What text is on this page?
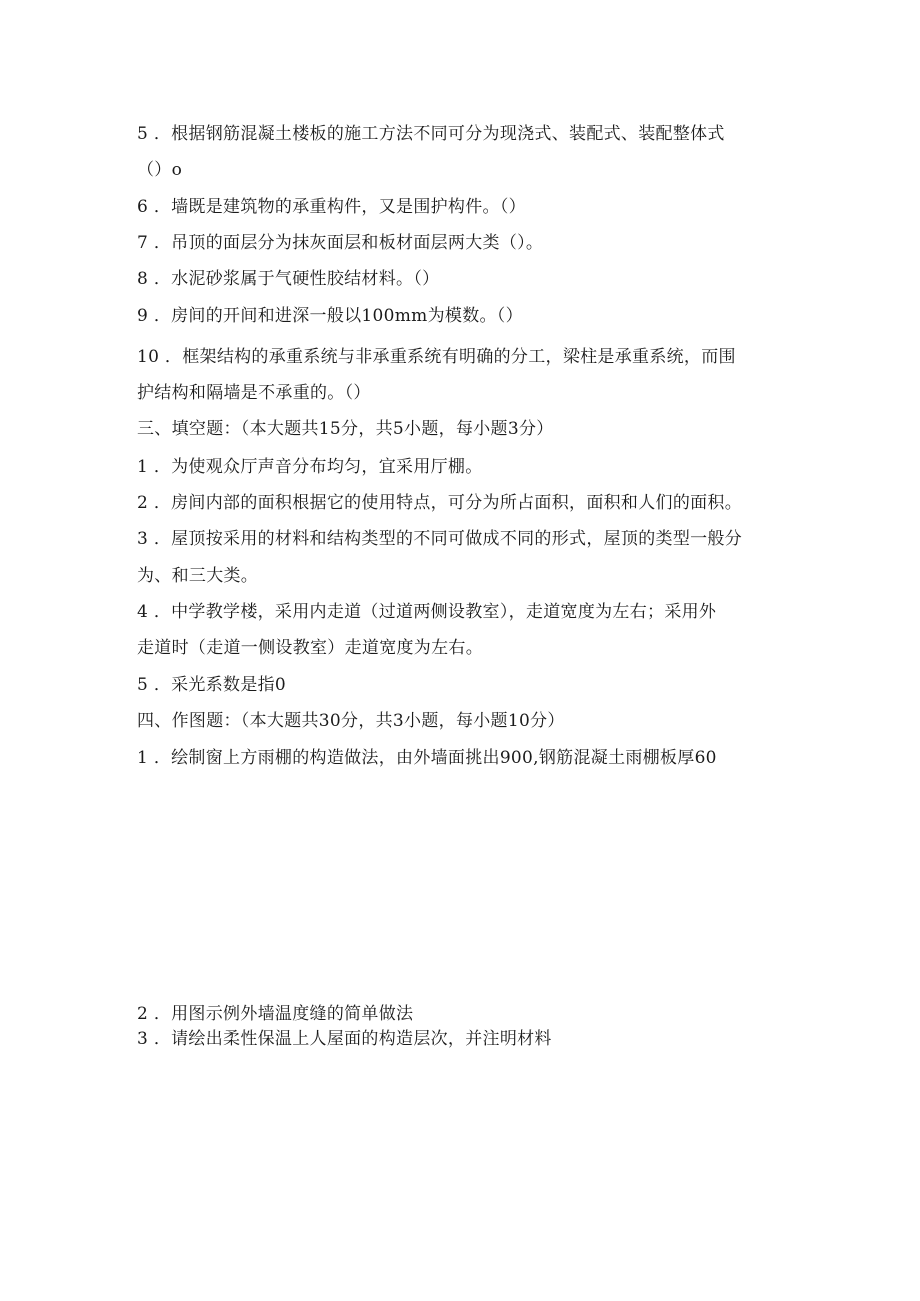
5 ．根据钢筋混凝土楼板的施工方法不同可分为现浇式、装配式、装配整体式
（）o
6 ．墙既是建筑物的承重构件，又是围护构件。（）
7 ．吊顶的面层分为抹灰面层和板材面层两大类（）。
8 ．水泥砂浆属于气硬性胶结材料。（）
9 ．房间的开间和进深一般以100mm为模数。（）
10 ．框架结构的承重系统与非承重系统有明确的分工，梁柱是承重系统，而围
护结构和隔墙是不承重的。（）
三、填空题：（本大题共15分，共5小题，每小题3分）
1 ．为使观众厅声音分布均匀，宜采用厅棚。
2 ．房间内部的面积根据它的使用特点，可分为所占面积，面积和人们的面积。
3 ．屋顶按采用的材料和结构类型的不同可做成不同的形式，屋顶的类型一般分
为、和三大类。
4 ．中学教学楼，采用内走道（过道两侧设教室），走道宽度为左右；采用外
走道时（走道一侧设教室）走道宽度为左右。
5 ．采光系数是指0
四、作图题：（本大题共30分，共3小题，每小题10分）
1 ．绘制窗上方雨棚的构造做法，由外墙面挑出900,钢筋混凝土雨棚板厚60
2 ．用图示例外墙温度缝的简单做法
3 ．请绘出柔性保温上人屋面的构造层次，并注明材料
